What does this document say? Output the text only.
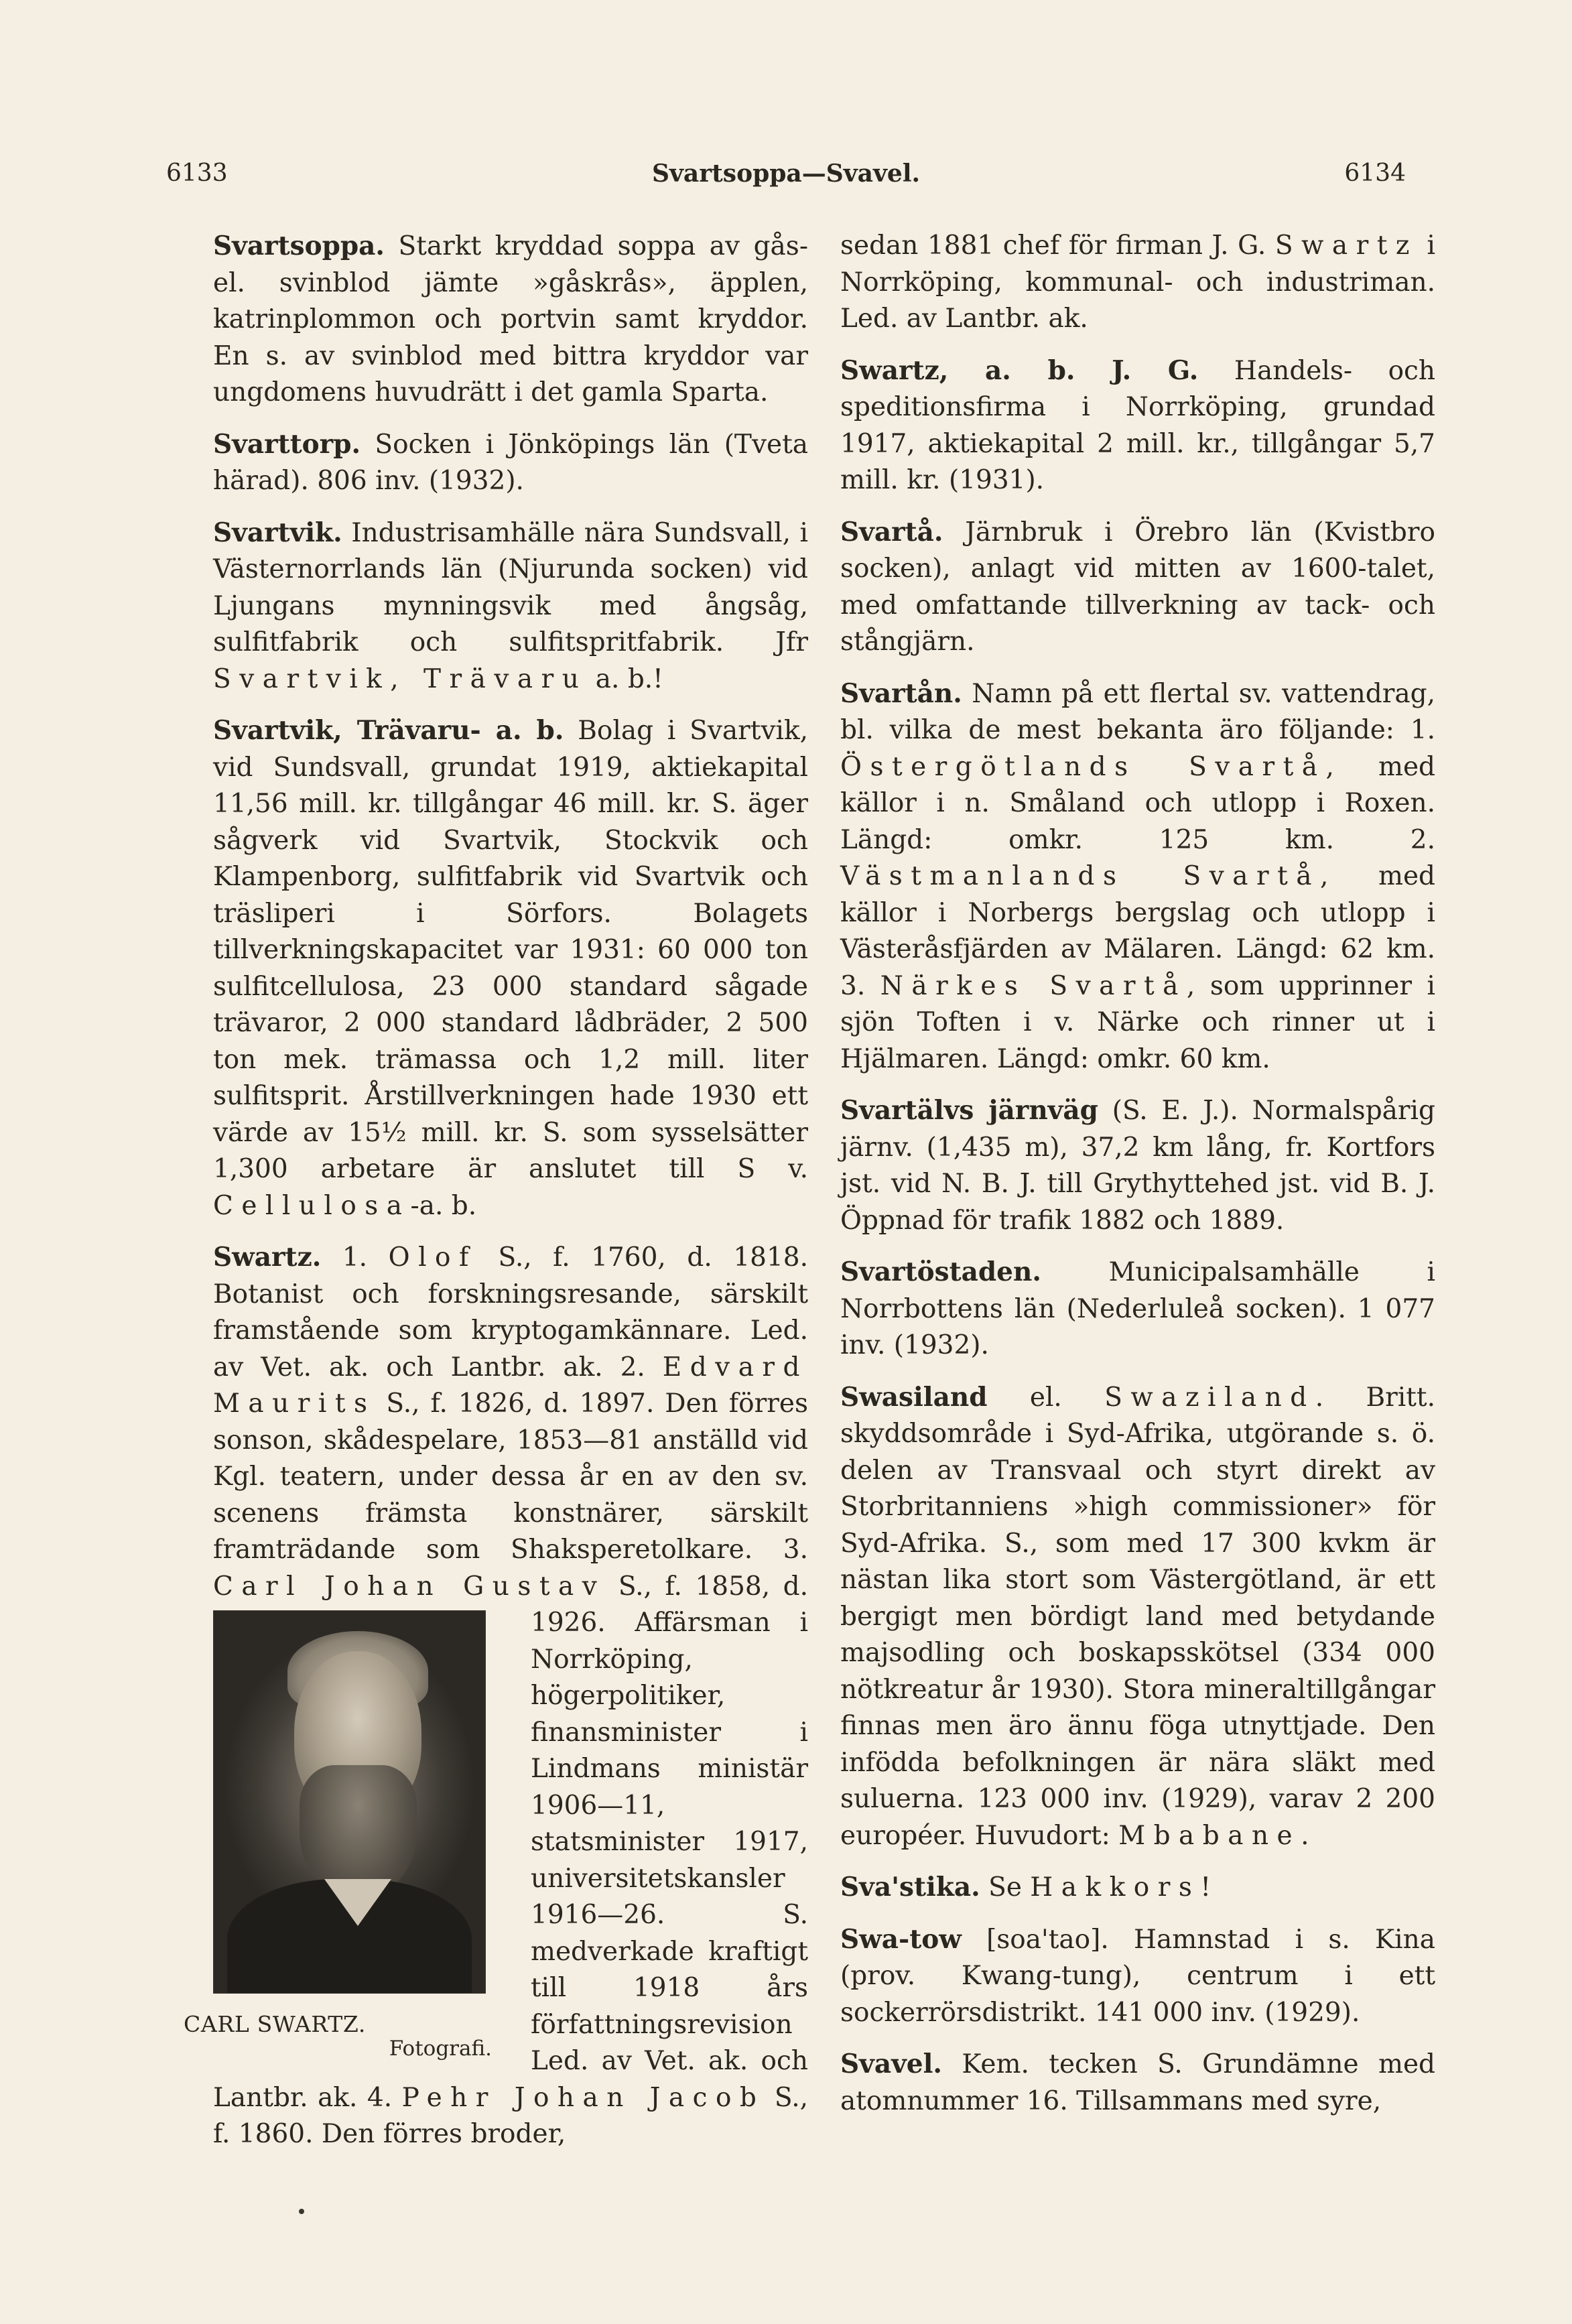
6133	Svartsoppa—Svavel.	6134

Svartsoppa. Starkt kryddad soppa av gås- el. svinblod jämte »gåskrås», äpplen, katrinplommon och portvin samt kryddor. En s. av svinblod med bittra kryddor var ungdomens huvudrätt i det gamla Sparta.

Svarttorp. Socken i Jönköpings län (Tveta härad). 806 inv. (1932).

Svartvik. Industrisamhälle nära Sundsvall, i Västernorrlands län (Njurunda socken) vid Ljungans mynningsvik med ångsåg, sulfitfabrik och sulfitspritfabrik. Jfr Svartvik, Trävaru a. b.!

Svartvik, Trävaru- a. b. Bolag i Svartvik, vid Sundsvall, grundat 1919, aktiekapital 11,56 mill. kr. tillgångar 46 mill. kr. S. äger sågverk vid Svartvik, Stockvik och Klampenborg, sulfitfabrik vid Svartvik och träsliperi i Sörfors. Bolagets tillverkningskapacitet var 1931: 60 000 ton sulfitcellulosa, 23 000 standard sågade trävaror, 2 000 standard lådbräder, 2 500 ton mek. trämassa och 1,2 mill. liter sulfitsprit. Årstillverkningen hade 1930 ett värde av 15½ mill. kr. S. som sysselsätter 1,300 arbetare är anslutet till S v. Cellulosa-a. b.

Swartz. 1. Olof S., f. 1760, d. 1818. Botanist och forskningsresande, särskilt framstående som kryptogamkännare. Led. av Vet. ak. och Lantbr. ak. 2. Edvard Maurits S., f. 1826, d. 1897. Den förres sonson, skådespelare, 1853—81 anställd vid Kgl. teatern, under dessa år en av den sv. scenens främsta konstnärer, särskilt framträdande som Shaksperetolkare. 3. Carl Johan Gustav
CARL SWARTZ.
Fotografi.
S., f. 1858, d. 1926. Affärsman i Norrköping, högerpolitiker, finansminister i Lindmans ministär 1906—11, statsminister 1917, universitetskansler 1916—26. S. medverkade kraftigt till 1918 års författningsrevision Led. av Vet. ak. och Lantbr. ak. 4. Pehr Johan Jacob S., f. 1860. Den förres broder,

sedan 1881 chef för firman J. G. Swartz i Norrköping, kommunal- och industriman. Led. av Lantbr. ak.

Swartz, a. b. J. G. Handels- och speditionsfirma i Norrköping, grundad 1917, aktiekapital 2 mill. kr., tillgångar 5,7 mill. kr. (1931).

Svartå. Järnbruk i Örebro län (Kvistbro socken), anlagt vid mitten av 1600-talet, med omfattande tillverkning av tack- och stångjärn.

Svartån. Namn på ett flertal sv. vattendrag, bl. vilka de mest bekanta äro följande: 1. Östergötlands Svartå, med källor i n. Småland och utlopp i Roxen. Längd: omkr. 125 km. 2. Västmanlands Svartå, med källor i Norbergs bergslag och utlopp i Västeråsfjärden av Mälaren. Längd: 62 km. 3. Närkes Svartå, som upprinner i sjön Toften i v. Närke och rinner ut i Hjälmaren. Längd: omkr. 60 km.

Svartälvs järnväg (S. E. J.). Normalspårig järnv. (1,435 m), 37,2 km lång, fr. Kortfors jst. vid N. B. J. till Grythyttehed jst. vid B. J. Öppnad för trafik 1882 och 1889.

Svartöstaden. Municipalsamhälle i Norrbottens län (Nederluleå socken). 1 077 inv. (1932).

Swasiland el. Swaziland. Britt. skyddsområde i Syd-Afrika, utgörande s. ö. delen av Transvaal och styrt direkt av Storbritanniens »high commissioner» för Syd-Afrika. S., som med 17 300 kvkm är nästan lika stort som Västergötland, är ett bergigt men bördigt land med betydande majsodling och boskapsskötsel (334 000 nötkreatur år 1930). Stora mineraltillgångar finnas men äro ännu föga utnyttjade. Den infödda befolkningen är nära släkt med suluerna. 123 000 inv. (1929), varav 2 200 européer. Huvudort: Mbabane.

Sva'stika. Se Hakkors!

Swa-tow [soa'tao]. Hamnstad i s. Kina (prov. Kwang-tung), centrum i ett sockerrörsdistrikt. 141 000 inv. (1929).

Svavel. Kem. tecken S. Grundämne med atomnummer 16. Tillsammans med syre,
